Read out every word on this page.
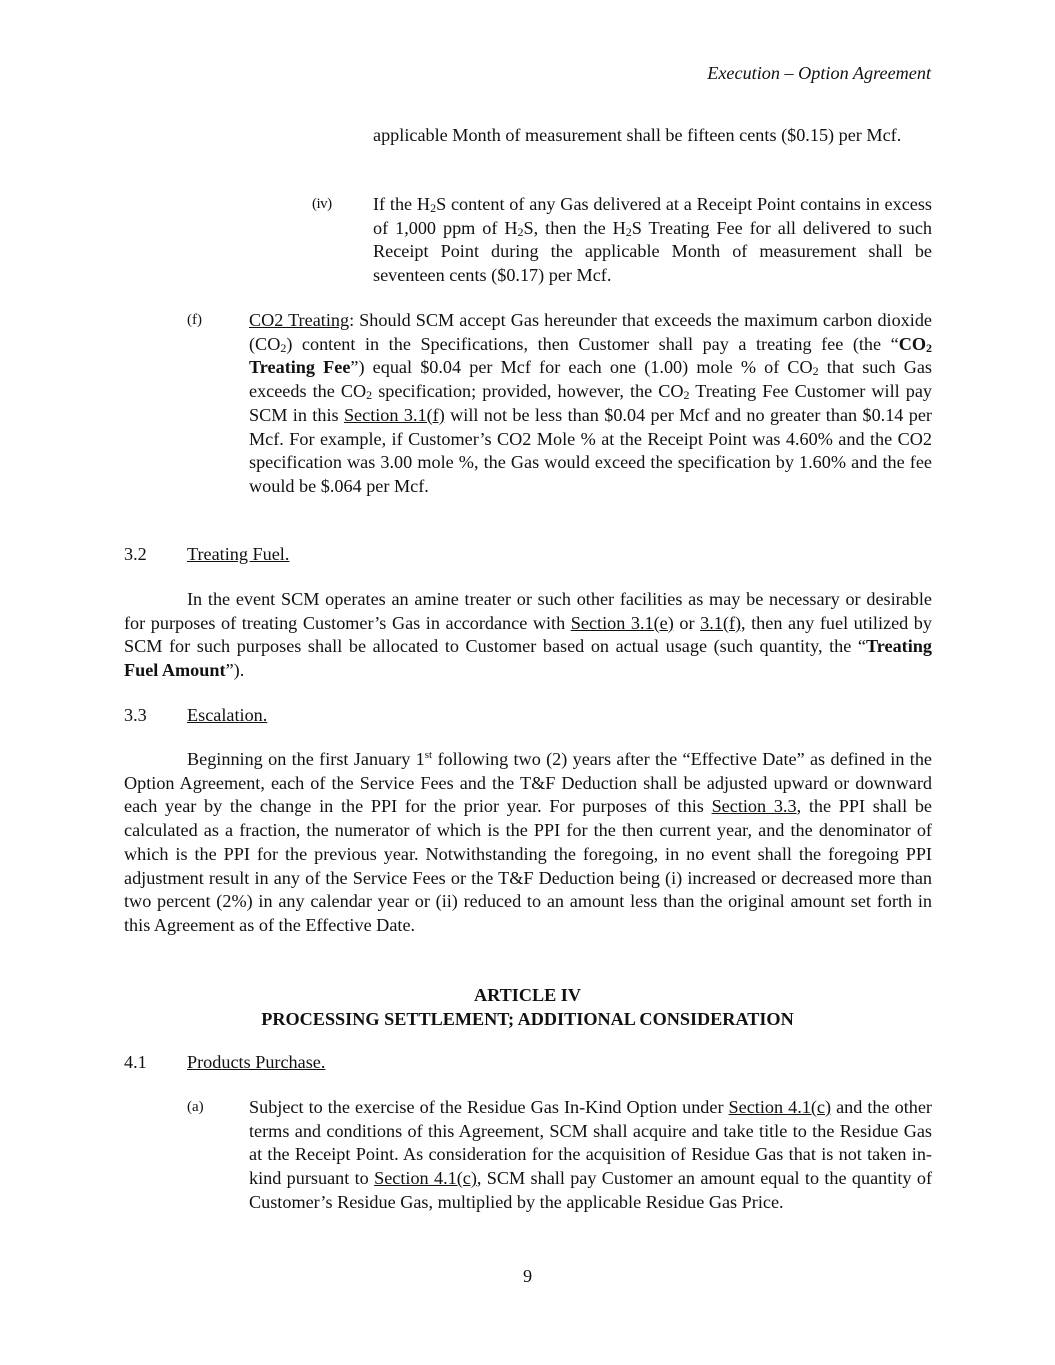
Execution – Option Agreement
applicable Month of measurement shall be fifteen cents ($0.15) per Mcf.
(iv) If the $H_2S$ content of any Gas delivered at a Receipt Point contains in excess of 1,000 ppm of $H_2S$, then the $H_2S$ Treating Fee for all delivered to such Receipt Point during the applicable Month of measurement shall be seventeen cents ($0.17) per Mcf.
(f)	CO2 Treating: Should SCM accept Gas hereunder that exceeds the maximum carbon dioxide $(CO_2)$ content in the Specifications, then Customer shall pay a treating fee (the “$CO_2$ Treating Fee”) equal $0.04 per Mcf for each one (1.00) mole % of $CO_2$ that such Gas exceeds the $CO_2$ specification; provided, however, the $CO_2$ Treating Fee Customer will pay SCM in this Section 3.1(f) will not be less than $0.04 per Mcf and no greater than $0.14 per Mcf. For example, if Customer’s CO2 Mole % at the Receipt Point was 4.60% and the CO2 specification was 3.00 mole %, the Gas would exceed the specification by 1.60% and the fee would be $.064 per Mcf.
3.2 Treating Fuel.
In the event SCM operates an amine treater or such other facilities as may be necessary or desirable for purposes of treating Customer’s Gas in accordance with Section 3.1(e) or 3.1(f), then any fuel utilized by SCM for such purposes shall be allocated to Customer based on actual usage (such quantity, the “Treating Fuel Amount”).
3.3 Escalation.
Beginning on the first January 1st following two (2) years after the “Effective Date” as defined in the Option Agreement, each of the Service Fees and the T&F Deduction shall be adjusted upward or downward each year by the change in the PPI for the prior year. For purposes of this Section 3.3, the PPI shall be calculated as a fraction, the numerator of which is the PPI for the then current year, and the denominator of which is the PPI for the previous year. Notwithstanding the foregoing, in no event shall the foregoing PPI adjustment result in any of the Service Fees or the T&F Deduction being (i) increased or decreased more than two percent (2%) in any calendar year or (ii) reduced to an amount less than the original amount set forth in this Agreement as of the Effective Date.
ARTICLE IV
PROCESSING SETTLEMENT; ADDITIONAL CONSIDERATION
4.1 Products Purchase.
(a) Subject to the exercise of the Residue Gas In-Kind Option under Section 4.1(c) and the other terms and conditions of this Agreement, SCM shall acquire and take title to the Residue Gas at the Receipt Point. As consideration for the acquisition of Residue Gas that is not taken in-kind pursuant to Section 4.1(c), SCM shall pay Customer an amount equal to the quantity of Customer’s Residue Gas, multiplied by the applicable Residue Gas Price.
9
